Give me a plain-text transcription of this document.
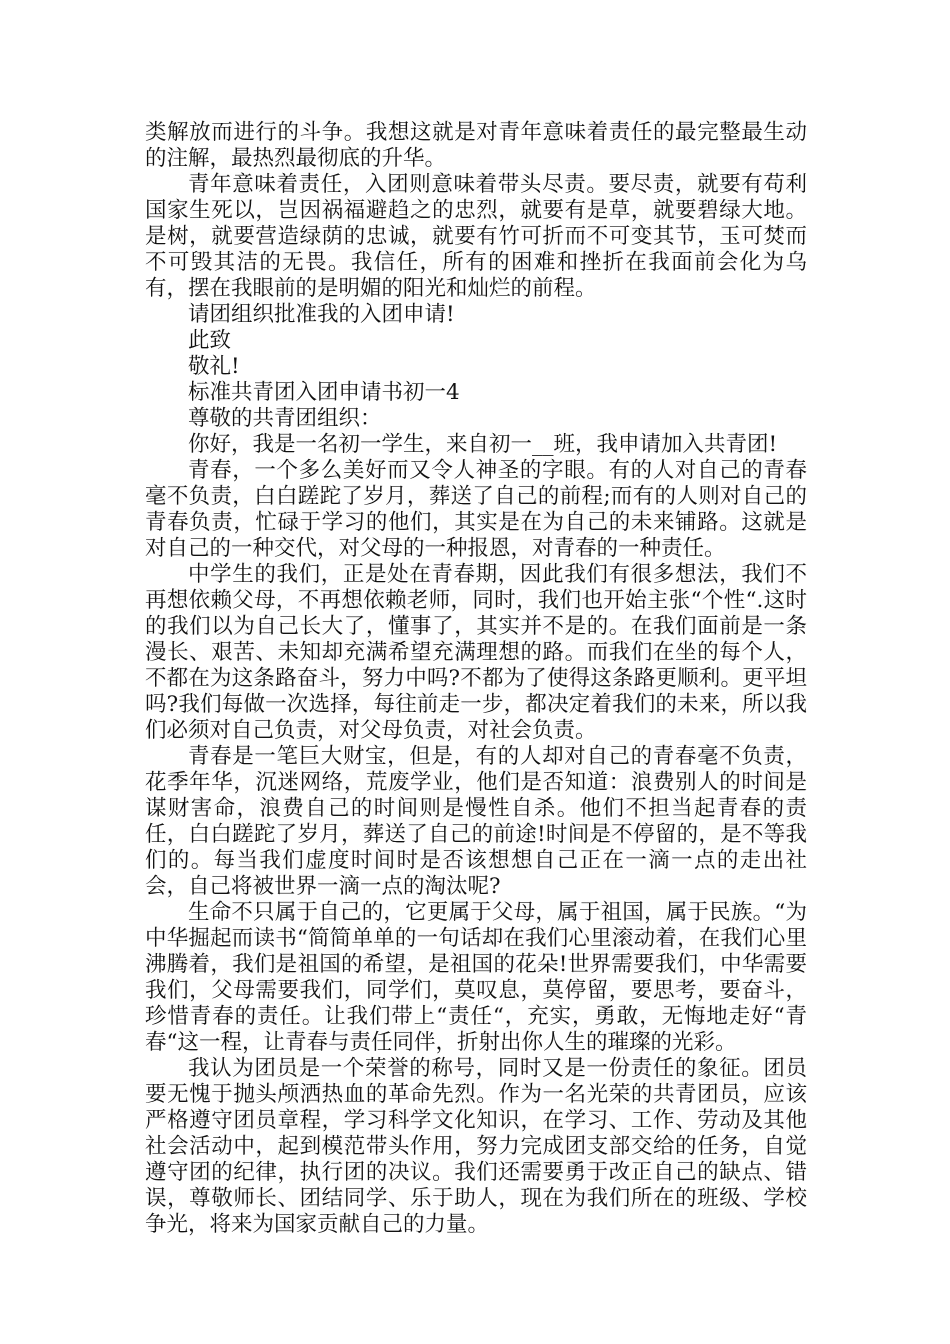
类解放而进行的斗争。我想这就是对青年意味着责任的最完整最生动的注解，最热烈最彻底的升华。

青年意味着责任，入团则意味着带头尽责。要尽责，就要有苟利国家生死以，岂因祸福避趋之的忠烈，就要有是草，就要碧绿大地。是树，就要营造绿荫的忠诚，就要有竹可折而不可变其节，玉可焚而不可毁其洁的无畏。我信任，所有的困难和挫折在我面前会化为乌有，摆在我眼前的是明媚的阳光和灿烂的前程。

请团组织批准我的入团申请!

此致

敬礼!

标准共青团入团申请书初一4

尊敬的共青团组织：

你好，我是一名初一学生，来自初一__班，我申请加入共青团!

青春，一个多么美好而又令人神圣的字眼。有的人对自己的青春毫不负责，白白蹉跎了岁月，葬送了自己的前程;而有的人则对自己的青春负责，忙碌于学习的他们，其实是在为自己的未来铺路。这就是对自己的一种交代，对父母的一种报恩，对青春的一种责任。

中学生的我们，正是处在青春期，因此我们有很多想法，我们不再想依赖父母，不再想依赖老师，同时，我们也开始主张“个性“.这时的我们以为自己长大了，懂事了，其实并不是的。在我们面前是一条漫长、艰苦、未知却充满希望充满理想的路。而我们在坐的每个人，不都在为这条路奋斗，努力中吗?不都为了使得这条路更顺利。更平坦吗?我们每做一次选择，每往前走一步，都决定着我们的未来，所以我们必须对自己负责，对父母负责，对社会负责。

青春是一笔巨大财宝，但是，有的人却对自己的青春毫不负责，花季年华，沉迷网络，荒废学业，他们是否知道：浪费别人的时间是谋财害命，浪费自己的时间则是慢性自杀。他们不担当起青春的责任，白白蹉跎了岁月，葬送了自己的前途!时间是不停留的，是不等我们的。每当我们虚度时间时是否该想想自己正在一滴一点的走出社会，自己将被世界一滴一点的淘汰呢?

生命不只属于自己的，它更属于父母，属于祖国，属于民族。“为中华掘起而读书“简简单单的一句话却在我们心里滚动着，在我们心里沸腾着，我们是祖国的希望，是祖国的花朵!世界需要我们，中华需要我们，父母需要我们，同学们，莫叹息，莫停留，要思考，要奋斗，珍惜青春的责任。让我们带上“责任“，充实，勇敢，无悔地走好“青春“这一程，让青春与责任同伴，折射出你人生的璀璨的光彩。

我认为团员是一个荣誉的称号，同时又是一份责任的象征。团员要无愧于抛头颅洒热血的革命先烈。作为一名光荣的共青团员，应该严格遵守团员章程，学习科学文化知识，在学习、工作、劳动及其他社会活动中，起到模范带头作用，努力完成团支部交给的任务，自觉遵守团的纪律，执行团的决议。我们还需要勇于改正自己的缺点、错误，尊敬师长、团结同学、乐于助人，现在为我们所在的班级、学校争光，将来为国家贡献自己的力量。
